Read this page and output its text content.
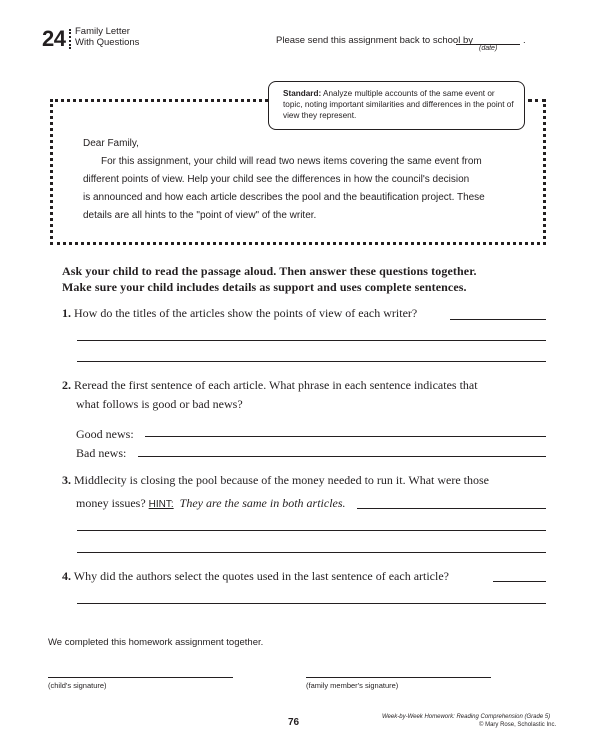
24 Family Letter
With Questions	Please send this assignment back to school by	.
(date)
Standard: Analyze multiple accounts of the same event or topic, noting important similarities and differences in the point of view they represent.
Dear Family,
For this assignment, your child will read two news items covering the same event from
different points of view. Help your child see the differences in how the council's decision
is announced and how each article describes the pool and the beautification project. These
details are all hints to the "point of view" of the writer.
Ask your child to read the passage aloud. Then answer these questions together.
Make sure your child includes details as support and uses complete sentences.
1. How do the titles of the articles show the points of view of each writer?
2. Reread the first sentence of each article. What phrase in each sentence indicates that
what follows is good or bad news?
Good news:
Bad news:
3. Middlecity is closing the pool because of the money needed to run it. What were those
money issues? HINT: They are the same in both articles.
4. Why did the authors select the quotes used in the last sentence of each article?
We completed this homework assignment together.
(child's signature)	(family member's signature)
76	Week-by-Week Homework: Reading Comprehension (Grade 5)
© Mary Rose, Scholastic Inc.
